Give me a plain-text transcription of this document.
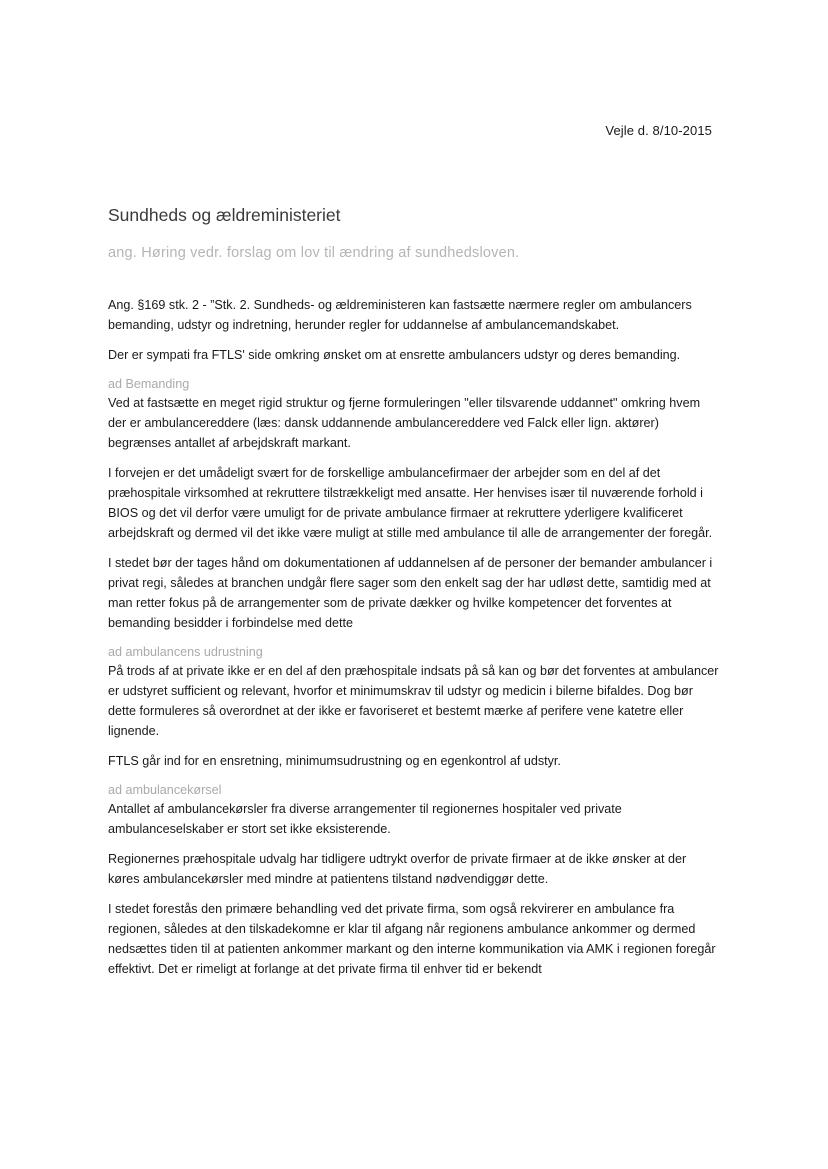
Vejle d. 8/10-2015
Sundheds og ældreministeriet
ang. Høring vedr. forslag om lov til ændring af sundhedsloven.

Ang. §169 stk. 2 - ”Stk. 2. Sundheds- og ældreministeren kan fastsætte nærmere regler om ambulancers bemanding, udstyr og indretning, herunder regler for uddannelse af ambulancemandskabet.

Der er sympati fra FTLS' side omkring ønsket om at ensrette ambulancers udstyr og deres bemanding.

ad Bemanding

Ved at fastsætte en meget rigid struktur og fjerne formuleringen "eller tilsvarende uddannet" omkring hvem der er ambulancereddere (læs: dansk uddannende ambulancereddere ved Falck eller lign. aktører) begrænses antallet af arbejdskraft markant.

I forvejen er det umådeligt svært for de forskellige ambulancefirmaer der arbejder som en del af det præhospitale virksomhed at rekruttere tilstrækkeligt med ansatte. Her henvises især til nuværende forhold i BIOS og det vil derfor være umuligt for de private ambulance firmaer at rekruttere yderligere kvalificeret arbejdskraft og dermed vil det ikke være muligt at stille med ambulance til alle de arrangementer der foregår.

I stedet bør der tages hånd om dokumentationen af uddannelsen af de personer der bemander ambulancer i privat regi, således at branchen undgår flere sager som den enkelt sag der har udløst dette, samtidig med at man retter fokus på de arrangementer som de private dækker og hvilke kompetencer det forventes at bemanding besidder i forbindelse med dette

ad ambulancens udrustning

På trods af at private ikke er en del af den præhospitale indsats på så kan og bør det forventes at ambulancer er udstyret sufficient og relevant, hvorfor et minimumskrav til udstyr og medicin i bilerne bifaldes. Dog bør dette formuleres så overordnet at der ikke er favoriseret et bestemt mærke af perifere vene katetre eller lignende.

FTLS går ind for en ensretning, minimumsudrustning og en egenkontrol af udstyr.

ad ambulancekørsel

Antallet af ambulancekørsler fra diverse arrangementer til regionernes hospitaler ved private ambulanceselskaber er stort set ikke eksisterende.

Regionernes præhospitale udvalg har tidligere udtrykt overfor de private firmaer at de ikke ønsker at der køres ambulancekørsler med mindre at patientens tilstand nødvendiggør dette.

I stedet forestås den primære behandling ved det private firma, som også rekvirerer en ambulance fra regionen, således at den tilskadekomne er klar til afgang når regionens ambulance ankommer og dermed nedsættes tiden til at patienten ankommer markant og den interne kommunikation via AMK i regionen foregår effektivt. Det er rimeligt at forlange at det private firma til enhver tid er bekendt
